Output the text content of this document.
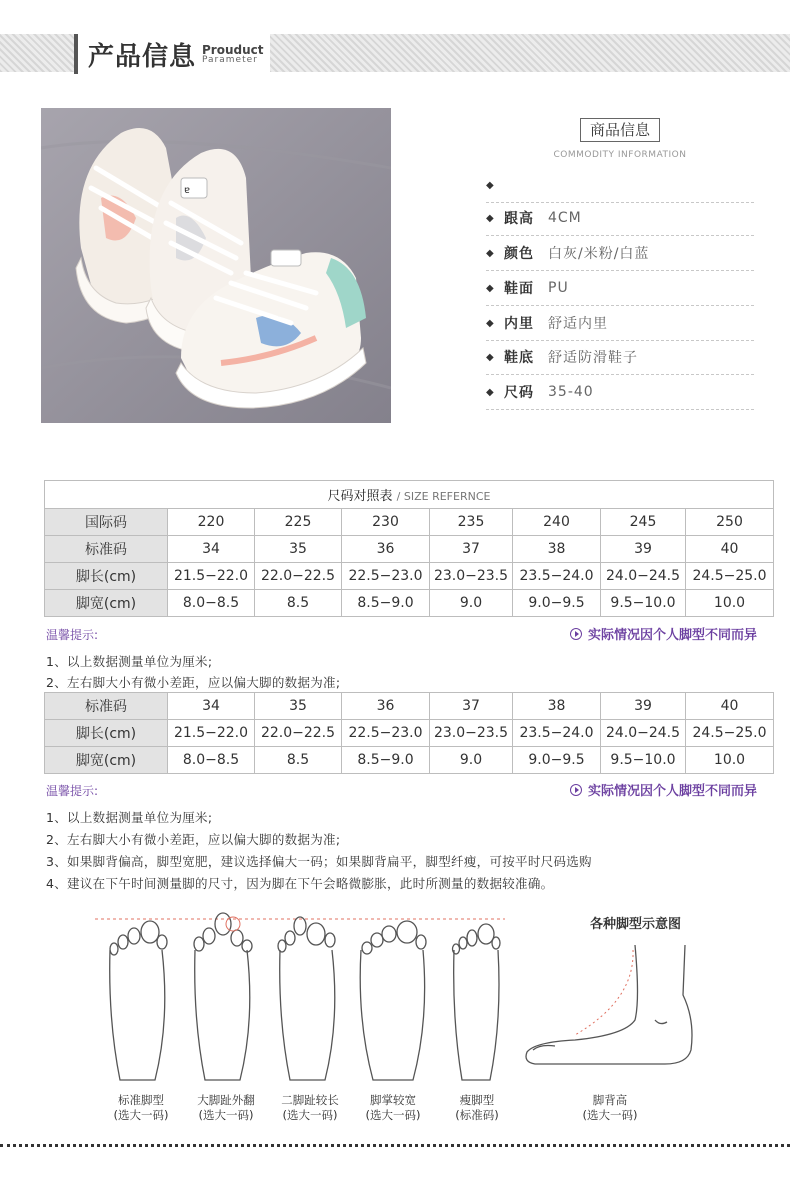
产品信息 Prouduct
Parameter
ɐ
商品信息
COMMODITY INFORMATION
◆
◆ 跟高	4CM
◆ 颜色	白灰/米粉/白蓝
◆ 鞋面	PU
◆ 内里	舒适内里
◆ 鞋底	舒适防滑鞋子
◆ 尺码	35-40
尺码对照表 / SIZE REFERNCE							
国际码	220	225	230	235	240	245	250
标准码	34	35	36	37	38	39	40
脚长(cm)	21.5−22.0	22.0−22.5	22.5−23.0	23.0−23.5	23.5−24.0	24.0−24.5	24.5−25.0
脚宽(cm)	8.0−8.5	8.5	8.5−9.0	9.0	9.0−9.5	9.5−10.0	10.0
温馨提示:	实际情况因个人脚型不同而异
1、以上数据测量单位为厘米;
2、左右脚大小有微小差距，应以偏大脚的数据为准;
标准码	34	35	36	37	38	39	40
脚长(cm)	21.5−22.0	22.0−22.5	22.5−23.0	23.0−23.5	23.5−24.0	24.0−24.5	24.5−25.0
脚宽(cm)	8.0−8.5	8.5	8.5−9.0	9.0	9.0−9.5	9.5−10.0	10.0
温馨提示:	实际情况因个人脚型不同而异
1、以上数据测量单位为厘米;
2、左右脚大小有微小差距，应以偏大脚的数据为准;
3、如果脚背偏高，脚型宽肥，建议选择偏大一码；如果脚背扁平，脚型纤瘦，可按平时尺码选购
4、建议在下午时间测量脚的尺寸，因为脚在下午会略微膨胀，此时所测量的数据较准确。
标准脚型
(选大一码)
大脚趾外翻
(选大一码)
二脚趾较长
(选大一码)
脚掌较宽
(选大一码)
瘦脚型
(标准码)
各种脚型示意图
脚背高
(选大一码)
